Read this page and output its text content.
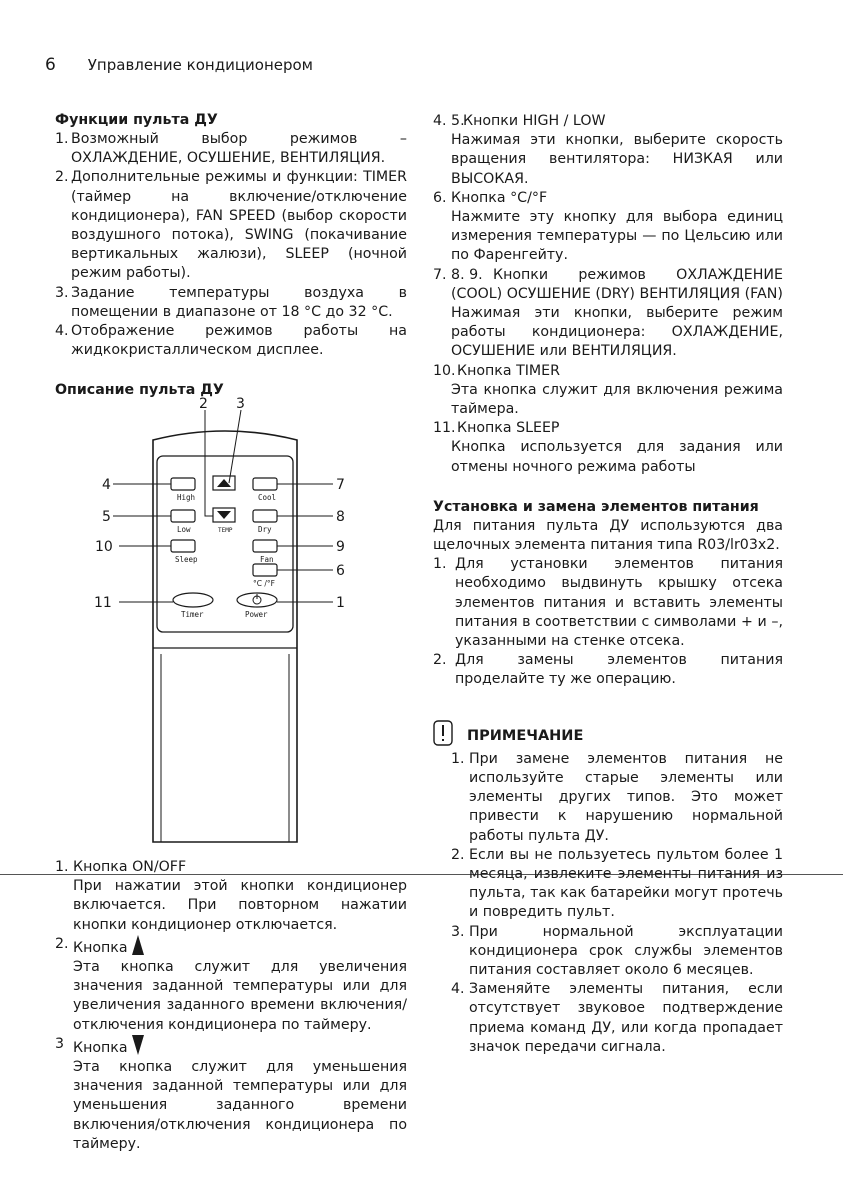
6 Управление кондиционером
Функции пульта ДУ
1. Возможный выбор режимов – ОХЛАЖДЕНИЕ, ОСУШЕНИЕ, ВЕНТИЛЯЦИЯ.
2. Дополнительные режимы и функции: TIMER (таймер на включение/отключение кондиционера), FAN SPEED (выбор скорости воздушного потока), SWING (покачивание вертикальных жалюзи), SLEEP (ночной режим работы).
3. Задание температуры воздуха в помещении в диапазоне от 18 °C до 32 °C.
4. Отображение режимов работы на жидкокристаллическом дисплее.
Описание пульта ДУ
High
Low
Sleep
TEMP
Cool
Dry
Fan
°C /°F
Timer	Power
2 3
4
5
10
11
7
8
9
6
1
1. Кнопка ON/OFF
При нажатии этой кнопки кондиционер включается. При повторном нажатии кнопки кондиционер отключается.
2. Кнопка
Эта кнопка служит для увеличения значения заданной температуры или для увеличения заданного времени включения/отключения кондиционера по таймеру.
3 Кнопка
Эта кнопка служит для уменьшения значения заданной температуры или для уменьшения заданного времени включения/отключения кондиционера по таймеру.
4. 5.
Кнопки HIGH / LOW
Нажимая эти кнопки, выберите скорость вращения вентилятора: НИЗКАЯ или ВЫСОКАЯ.
6. Кнопка °C/°F
Нажмите эту кнопку для выбора единиц измерения температуры — по Цельсию или по Фаренгейту.
7. 8. 9. Кнопки режимов ОХЛАЖДЕНИЕ (COOL) ОСУШЕНИЕ (DRY) ВЕНТИЛЯЦИЯ (FAN)
Нажимая эти кнопки, выберите режим работы кондиционера: ОХЛАЖДЕНИЕ, ОСУШЕНИЕ или ВЕНТИЛЯЦИЯ.
10. Кнопка TIMER
Эта кнопка служит для включения режима таймера.
11. Кнопка SLEEP
Кнопка используется для задания или отмены ночного режима работы
Установка и замена элементов питания

Для питания пульта ДУ используются два щелочных элемента питания типа R03/lr03x2.

1. Для установки элементов питания необходимо выдвинуть крышку отсека элементов питания и вставить элементы питания в соответствии с символами + и –, указанными на стенке отсека.
2. Для замены элементов питания проделайте ту же операцию.
ПРИМЕЧАНИЕ
1. При замене элементов питания не используйте старые элементы или элементы других типов. Это может привести к нарушению нормальной работы пульта ДУ.
2. Если вы не пользуетесь пультом более 1 месяца, извлеките элементы питания из пульта, так как батарейки могут протечь и повредить пульт.
3. При нормальной эксплуатации кондиционера срок службы элементов питания составляет около 6 месяцев.
4. Заменяйте элементы питания, если отсутствует звуковое подтверждение приема команд ДУ, или когда пропадает значок передачи сигнала.
